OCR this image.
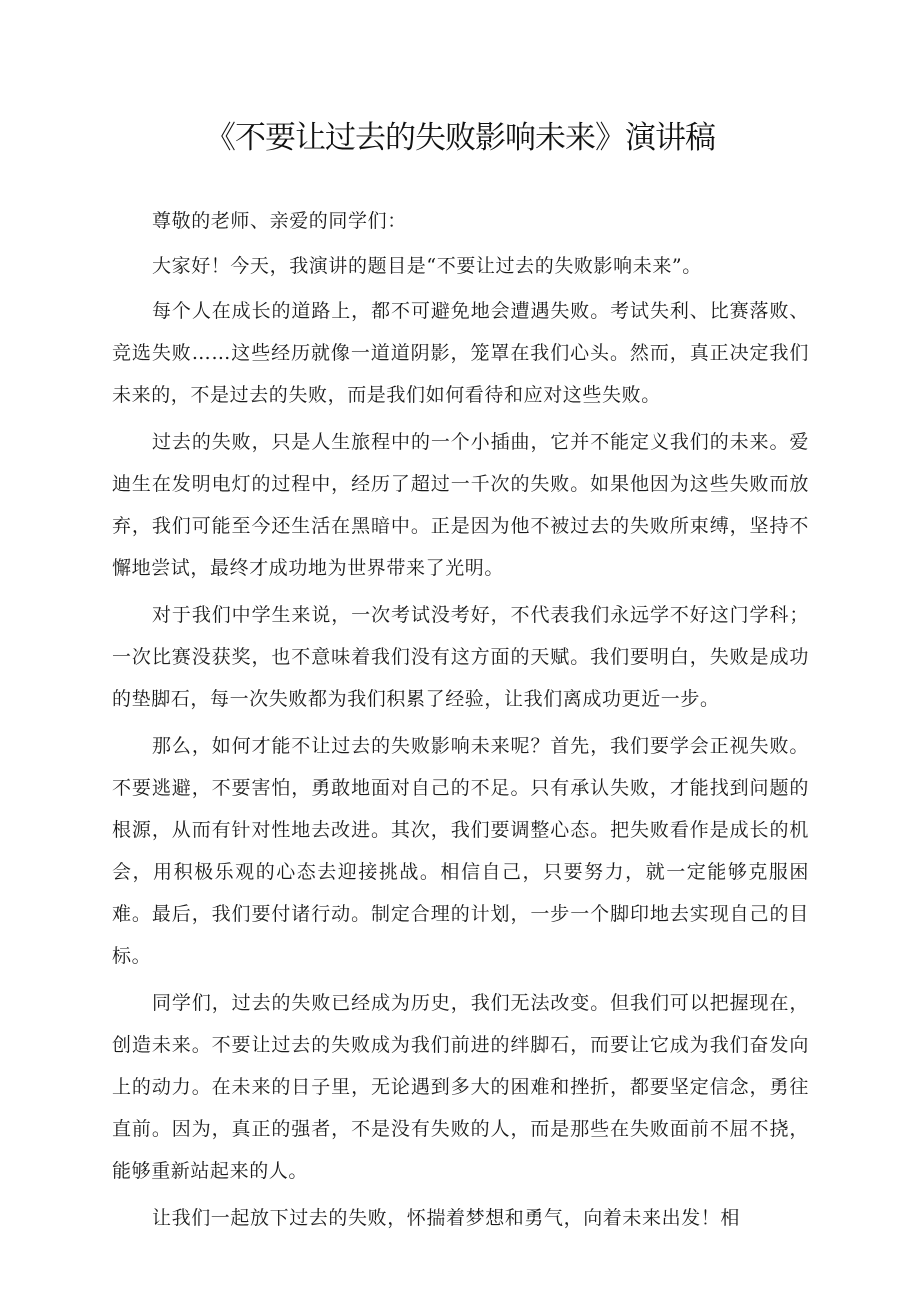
《不要让过去的失败影响未来》演讲稿

尊敬的老师、亲爱的同学们：

大家好！今天，我演讲的题目是“不要让过去的失败影响未来”。

每个人在成长的道路上，都不可避免地会遭遇失败。考试失利、比赛落败、竞选失败……这些经历就像一道道阴影，笼罩在我们心头。然而，真正决定我们未来的，不是过去的失败，而是我们如何看待和应对这些失败。

过去的失败，只是人生旅程中的一个小插曲，它并不能定义我们的未来。爱迪生在发明电灯的过程中，经历了超过一千次的失败。如果他因为这些失败而放弃，我们可能至今还生活在黑暗中。正是因为他不被过去的失败所束缚，坚持不懈地尝试，最终才成功地为世界带来了光明。

对于我们中学生来说，一次考试没考好，不代表我们永远学不好这门学科；一次比赛没获奖，也不意味着我们没有这方面的天赋。我们要明白，失败是成功的垫脚石，每一次失败都为我们积累了经验，让我们离成功更近一步。

那么，如何才能不让过去的失败影响未来呢？首先，我们要学会正视失败。不要逃避，不要害怕，勇敢地面对自己的不足。只有承认失败，才能找到问题的根源，从而有针对性地去改进。其次，我们要调整心态。把失败看作是成长的机会，用积极乐观的心态去迎接挑战。相信自己，只要努力，就一定能够克服困难。最后，我们要付诸行动。制定合理的计划，一步一个脚印地去实现自己的目标。

同学们，过去的失败已经成为历史，我们无法改变。但我们可以把握现在，创造未来。不要让过去的失败成为我们前进的绊脚石，而要让它成为我们奋发向上的动力。在未来的日子里，无论遇到多大的困难和挫折，都要坚定信念，勇往直前。因为，真正的强者，不是没有失败的人，而是那些在失败面前不屈不挠，能够重新站起来的人。

让我们一起放下过去的失败，怀揣着梦想和勇气，向着未来出发！相
